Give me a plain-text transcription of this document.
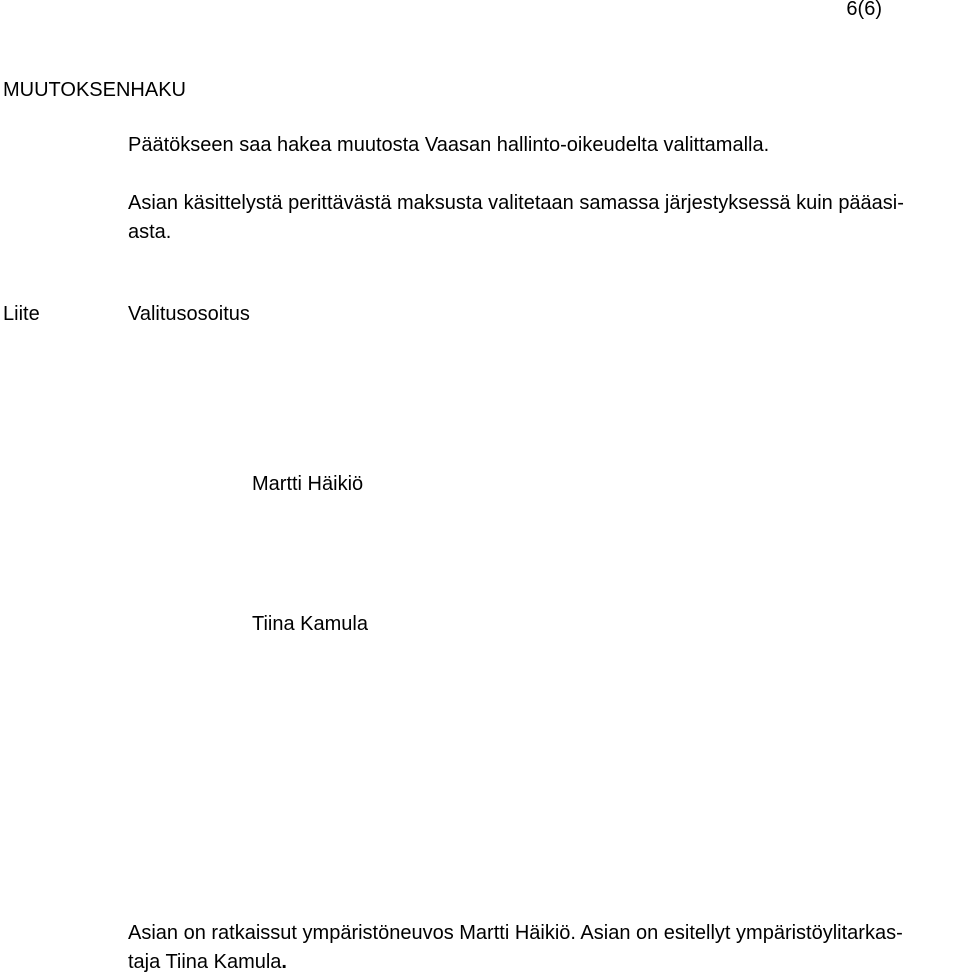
6(6)
MUUTOKSENHAKU
Päätökseen saa hakea muutosta Vaasan hallinto-oikeudelta valittamalla.
Asian käsittelystä perittävästä maksusta valitetaan samassa järjestyksessä kuin pääasi-
asta.
Liite	Valitusosoitus
Martti Häikiö
Tiina Kamula
Asian on ratkaissut ympäristöneuvos Martti Häikiö. Asian on esitellyt ympäristöylitarkas-
taja Tiina Kamula.
